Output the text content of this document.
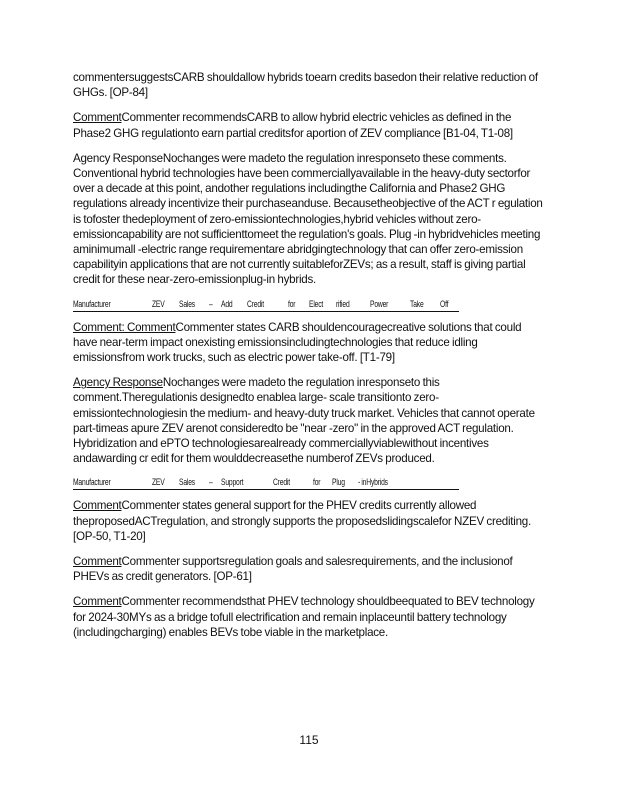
commentersuggestsCARB shouldallow hybrids toearn credits basedon their relative reduction of GHGs. [OP-84]

CommentCommenter recommendsCARB to allow hybrid electric vehicles as defined in the Phase2 GHG regulationto earn partial creditsfor aportion of ZEV compliance [B1-04, T1-08]

Agency ResponseNochanges were madeto the regulation inresponseto these comments. Conventional hybrid technologies have been commerciallyavailable in the heavy-duty sectorfor over a decade at this point, andother regulations includingthe California and Phase2 GHG regulations already incentivize their purchaseanduse. Becausetheobjective of the ACT r egulation is tofoster thedeployment of zero-emissiontechnologies,hybrid vehicles without zero-emissioncapability are not sufficienttomeet the regulation's goals. Plug -in hybridvehicles meeting aminimumall -electric range requirementare abridgingtechnology that can offer zero-emission capabilityin applications that are not currently suitableforZEVs; as a result, staff is giving partial credit for these near-zero-emissionplug-in hybrids.

Manufacturer	ZEV Sales – Add Credit	for Elect rified Power Take Off

Comment: CommentCommenter states CARB shouldencouragecreative solutions that could have near-term impact onexisting emissionsincludingtechnologies that reduce idling emissionsfrom work trucks, such as electric power take-off. [T1-79]

Agency ResponseNochanges were madeto the regulation inresponseto this comment.Theregulationis designedto enablea large- scale transitionto zero-emissiontechnologiesin the medium- and heavy-duty truck market. Vehicles that cannot operate part-timeas apure ZEV arenot consideredto be "near -zero" in the approved ACT regulation. Hybridization and ePTO technologiesarealready commerciallyviablewithout incentives andawarding cr edit for them woulddecreasethe numberof ZEVs produced.

Manufacturer	ZEV Sales – Support	Credit	for Plug - inHybrids

CommentCommenter states general support for the PHEV credits currently allowed theproposedACTregulation, and strongly supports the proposedslidingscalefor NZEV crediting. [OP-50, T1-20]

CommentCommenter supportsregulation goals and salesrequirements, and the inclusionof PHEVs as credit generators. [OP-61]

CommentCommenter recommendsthat PHEV technology shouldbeequated to BEV technology for 2024-30MYs as a bridge tofull electrification and remain inplaceuntil battery technology (includingcharging) enables BEVs tobe viable in the marketplace.

115
